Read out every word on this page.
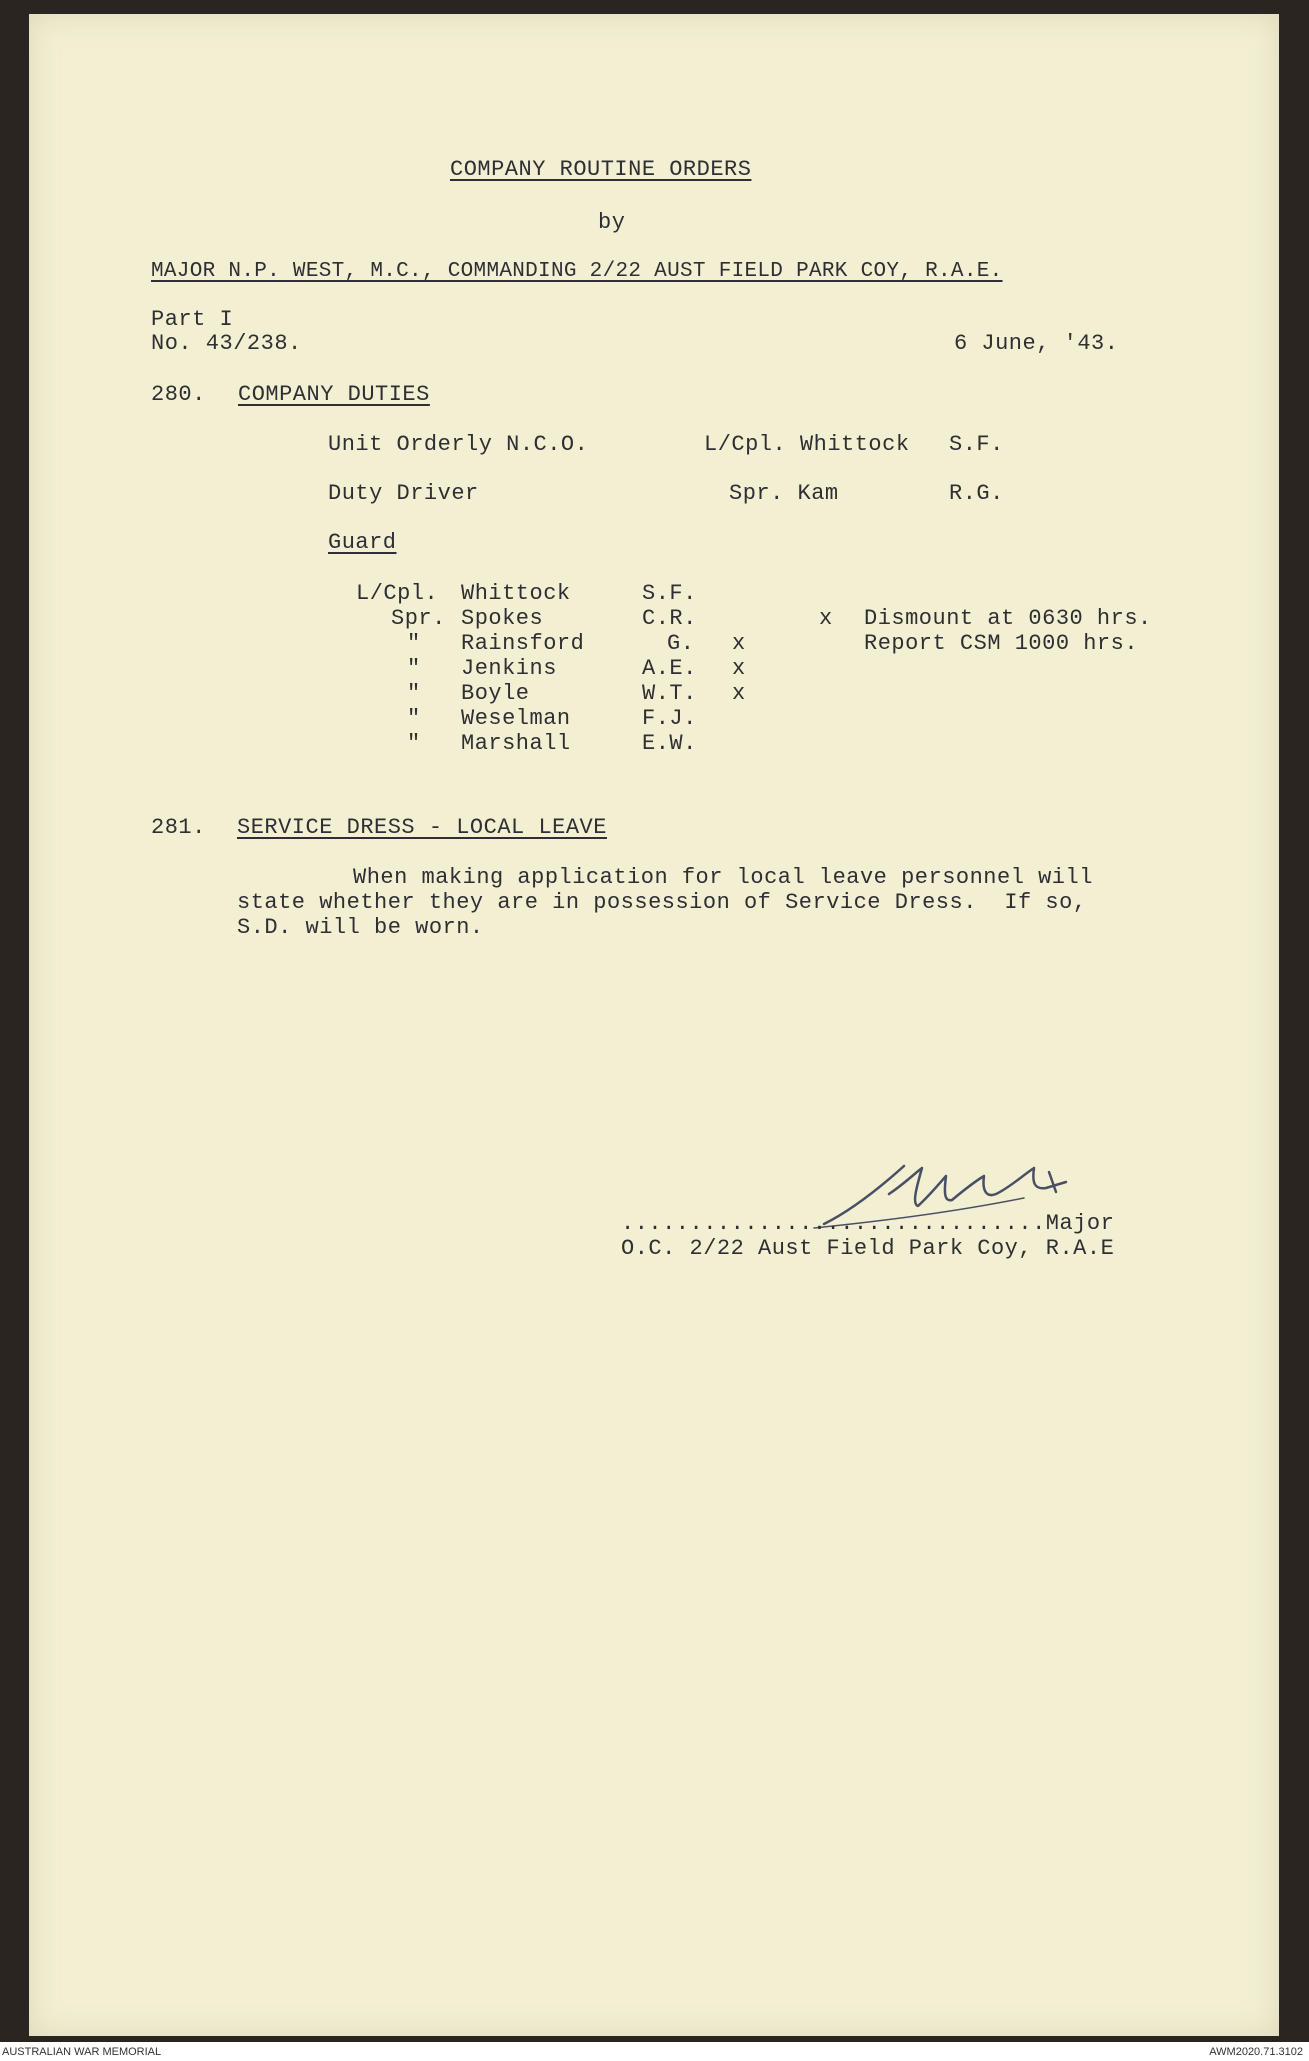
COMPANY ROUTINE ORDERS
by
MAJOR N.P. WEST, M.C., COMMANDING 2/22 AUST FIELD PARK COY, R.A.E.
Part I
No. 43/238.	6 June, '43.
280. COMPANY DUTIES
Unit Orderly N.C.O.	L/Cpl. Whittock S.F.
Duty Driver	Spr. Kam	R.G.
Guard
L/Cpl. Whittock	S.F.
Spr. Spokes	C.R.	x Dismount at 0630 hrs.
" Rainsford	G. x	Report CSM 1000 hrs.
" Jenkins	A.E. x
" Boyle	W.T. x
" Weselman	F.J.
" Marshall	E.W.
281. SERVICE DRESS - LOCAL LEAVE
When making application for local leave personnel will
state whether they are in possession of Service Dress.  If so,
S.D. will be worn.
...............................Major
O.C. 2/22 Aust Field Park Coy, R.A.E
AUSTRALIAN WAR MEMORIAL	AWM2020.71.3102
